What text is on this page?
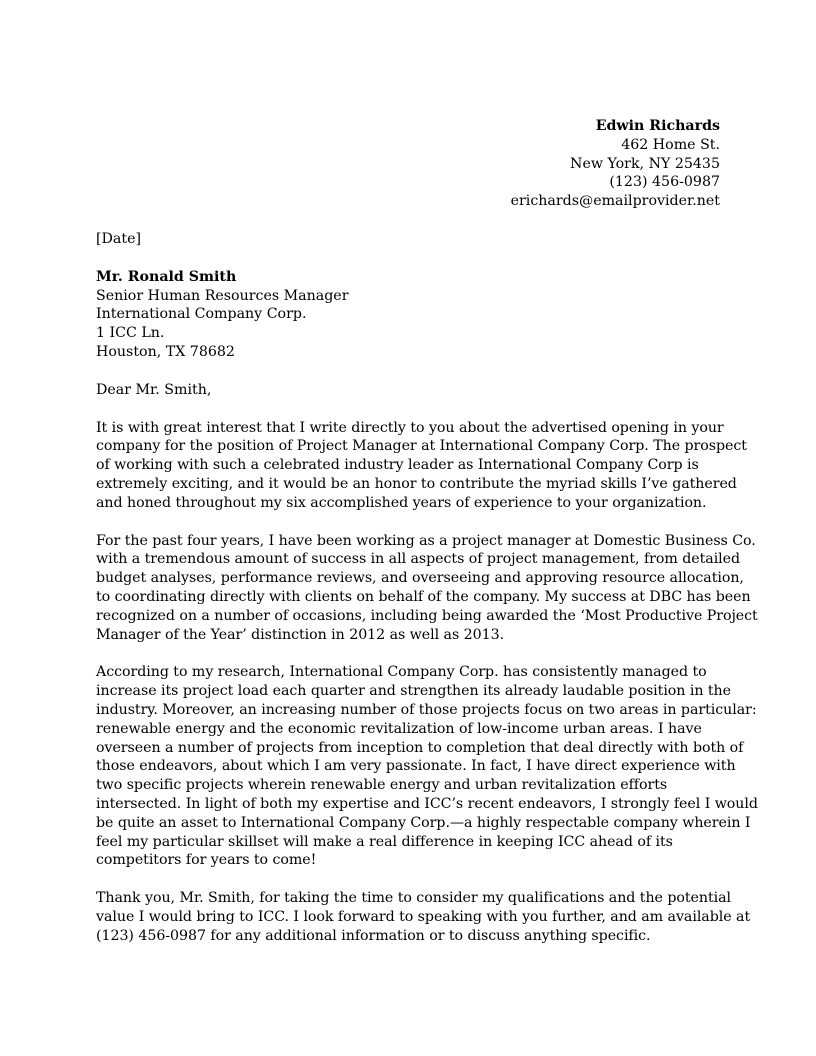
Edwin Richards
462 Home St.
New York, NY 25435
(123) 456-0987
erichards@emailprovider.net
[Date]
Mr. Ronald Smith
Senior Human Resources Manager
International Company Corp.
1 ICC Ln.
Houston, TX 78682
Dear Mr. Smith,
It is with great interest that I write directly to you about the advertised opening in your
company for the position of Project Manager at International Company Corp. The prospect
of working with such a celebrated industry leader as International Company Corp is
extremely exciting, and it would be an honor to contribute the myriad skills I’ve gathered
and honed throughout my six accomplished years of experience to your organization.
For the past four years, I have been working as a project manager at Domestic Business Co.
with a tremendous amount of success in all aspects of project management, from detailed
budget analyses, performance reviews, and overseeing and approving resource allocation,
to coordinating directly with clients on behalf of the company. My success at DBC has been
recognized on a number of occasions, including being awarded the ‘Most Productive Project
Manager of the Year’ distinction in 2012 as well as 2013.
According to my research, International Company Corp. has consistently managed to
increase its project load each quarter and strengthen its already laudable position in the
industry. Moreover, an increasing number of those projects focus on two areas in particular:
renewable energy and the economic revitalization of low-income urban areas. I have
overseen a number of projects from inception to completion that deal directly with both of
those endeavors, about which I am very passionate. In fact, I have direct experience with
two specific projects wherein renewable energy and urban revitalization efforts
intersected. In light of both my expertise and ICC’s recent endeavors, I strongly feel I would
be quite an asset to International Company Corp.—a highly respectable company wherein I
feel my particular skillset will make a real difference in keeping ICC ahead of its
competitors for years to come!
Thank you, Mr. Smith, for taking the time to consider my qualifications and the potential
value I would bring to ICC. I look forward to speaking with you further, and am available at
(123) 456-0987 for any additional information or to discuss anything specific.
